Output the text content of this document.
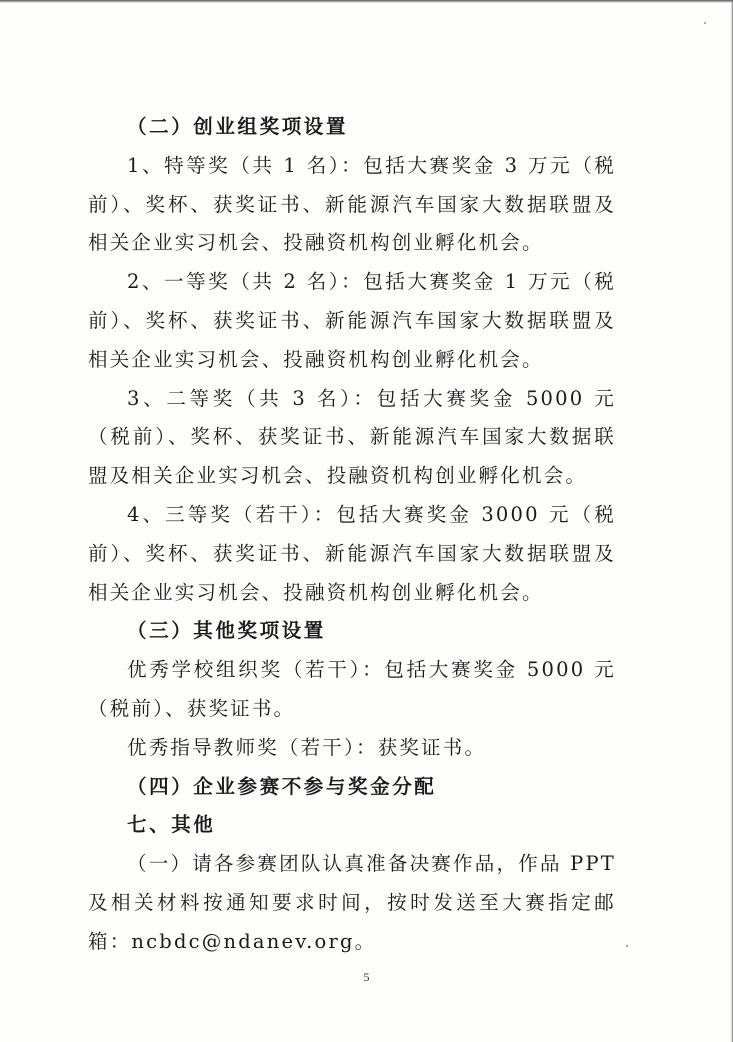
（二）创业组奖项设置

1、特等奖（共 1 名）：包括大赛奖金 3 万元（税前）、奖杯、获奖证书、新能源汽车国家大数据联盟及相关企业实习机会、投融资机构创业孵化机会。

2、一等奖（共 2 名）：包括大赛奖金 1 万元（税前）、奖杯、获奖证书、新能源汽车国家大数据联盟及相关企业实习机会、投融资机构创业孵化机会。

3、二等奖（共 3 名）：包括大赛奖金 5000 元（税前）、奖杯、获奖证书、新能源汽车国家大数据联盟及相关企业实习机会、投融资机构创业孵化机会。

4、三等奖（若干）：包括大赛奖金 3000 元（税前）、奖杯、获奖证书、新能源汽车国家大数据联盟及相关企业实习机会、投融资机构创业孵化机会。

（三）其他奖项设置

优秀学校组织奖（若干）：包括大赛奖金 5000 元（税前）、获奖证书。

优秀指导教师奖（若干）：获奖证书。

（四）企业参赛不参与奖金分配

七、其他

（一）请各参赛团队认真准备决赛作品，作品 PPT 及相关材料按通知要求时间，按时发送至大赛指定邮箱：ncbdc@ndanev.org。

5
